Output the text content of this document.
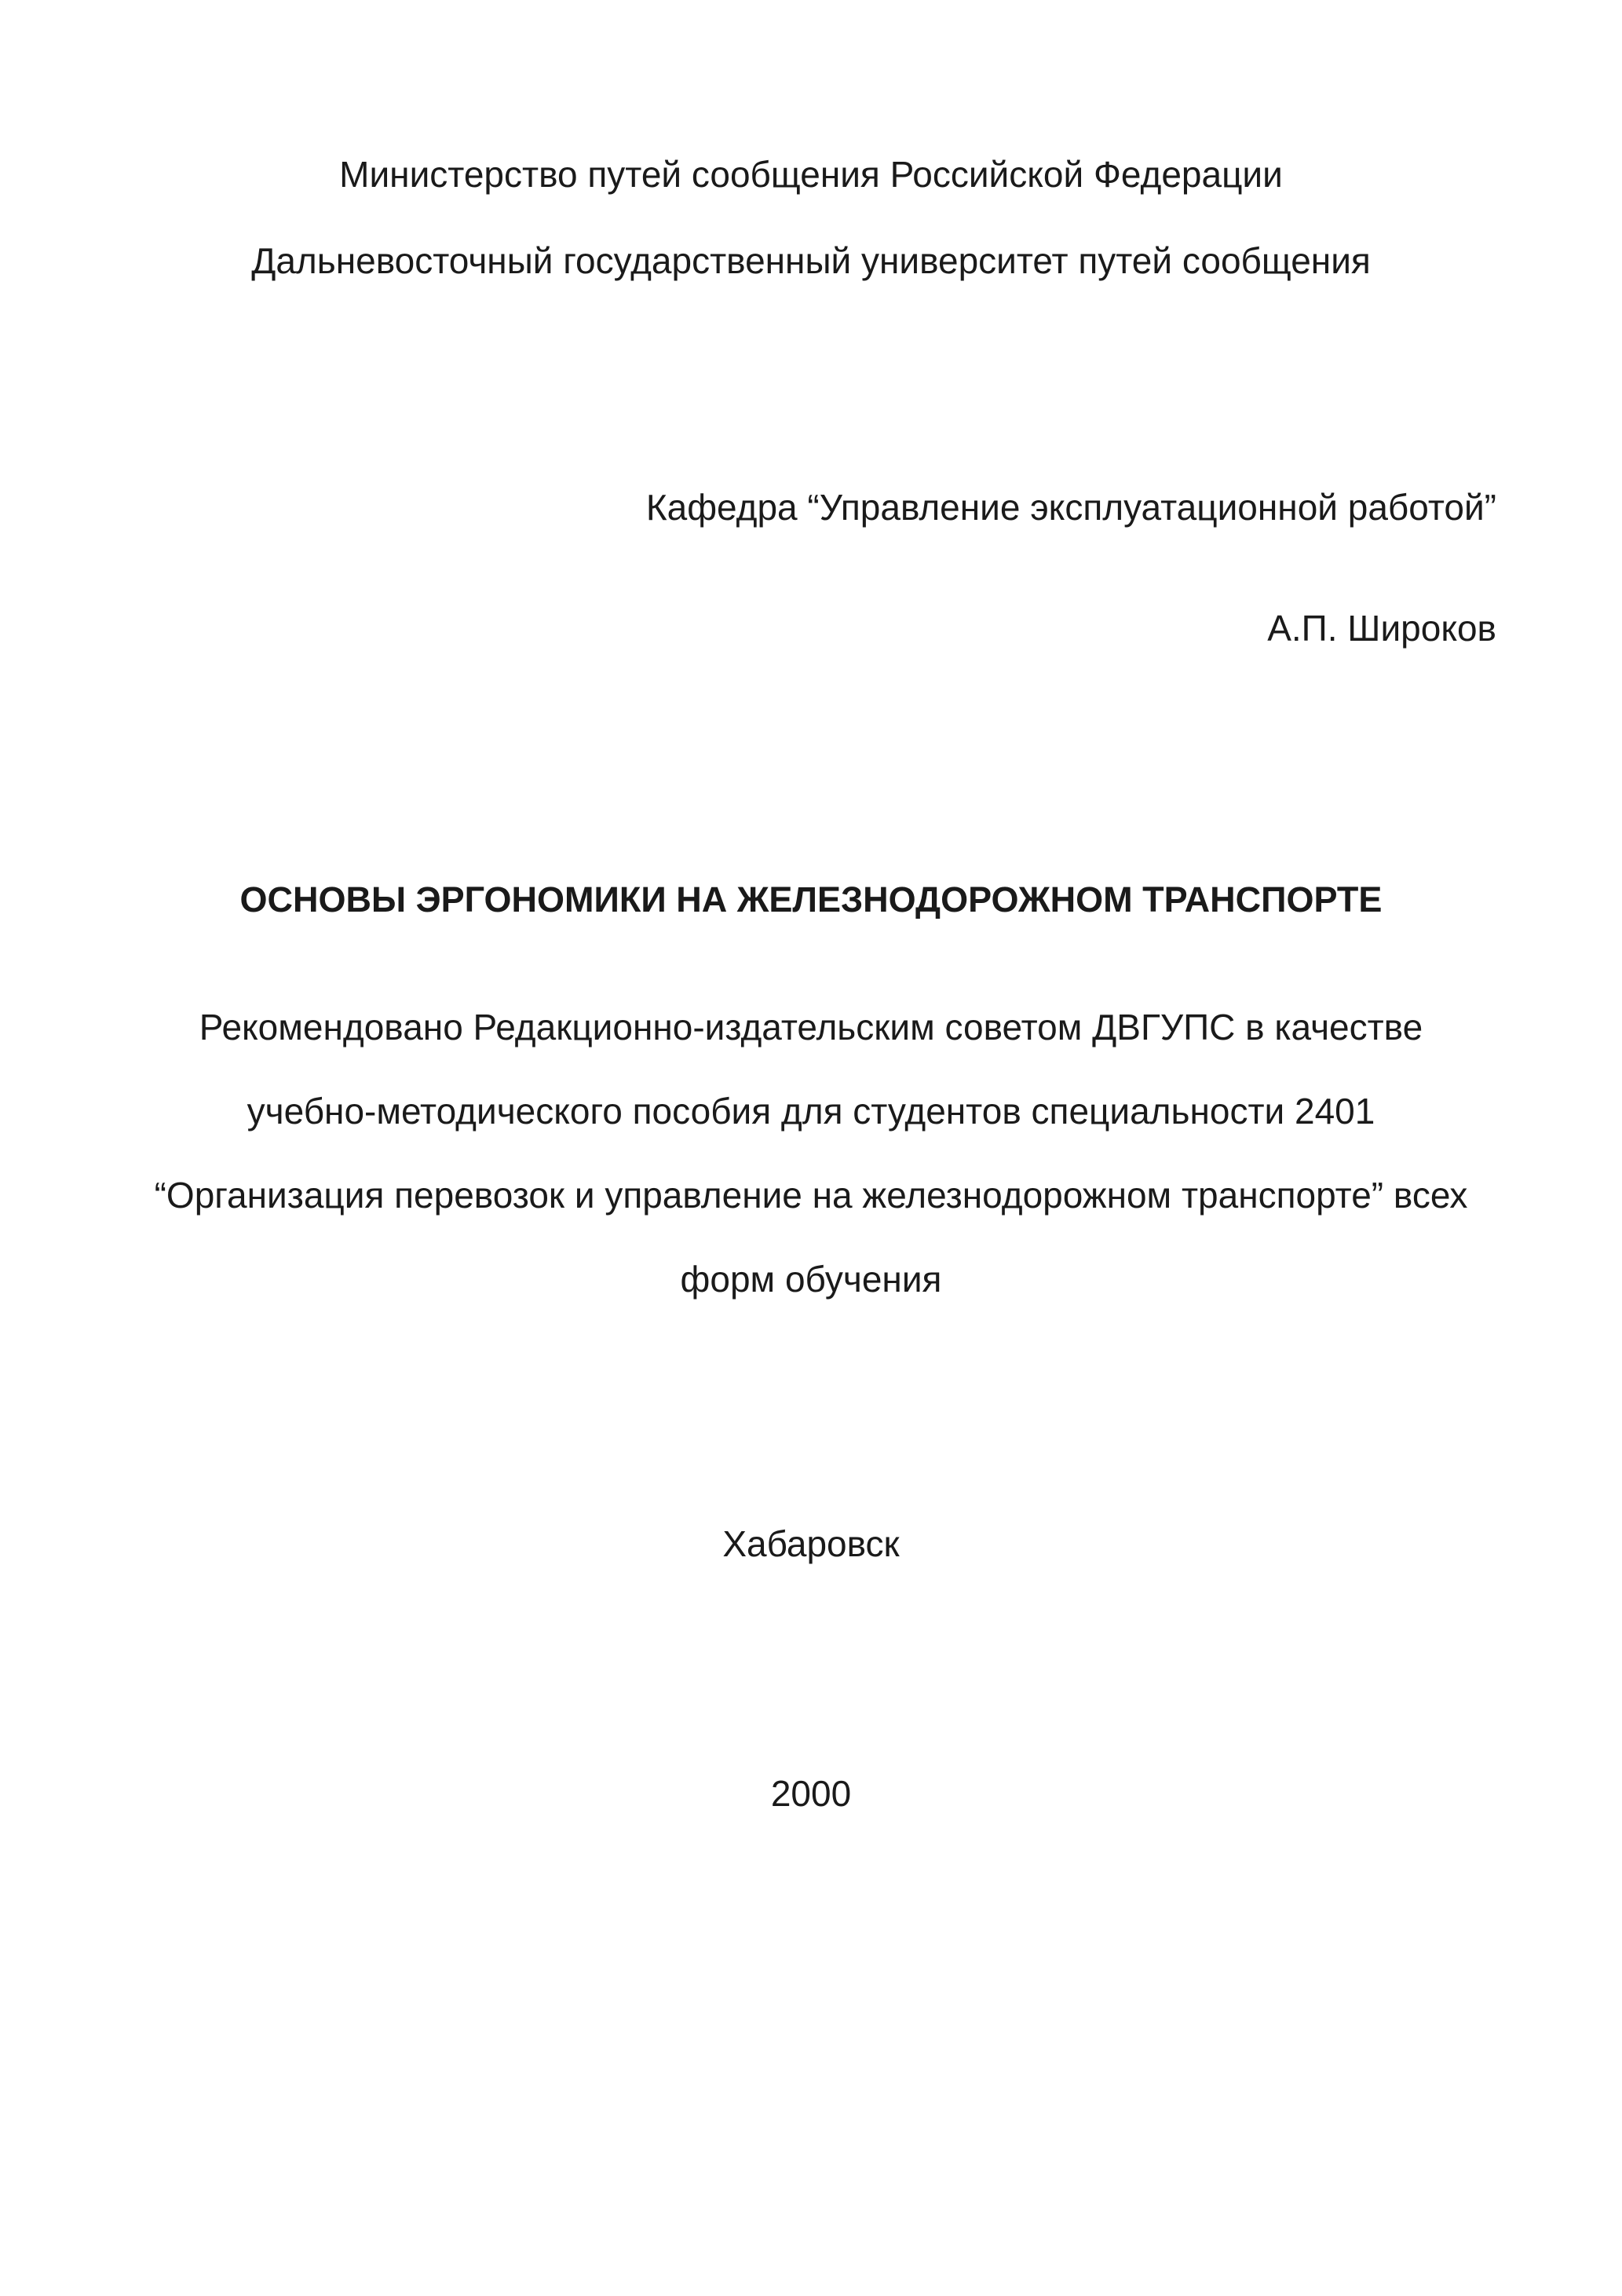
Министерство путей сообщения Российской Федерации
Дальневосточный государственный университет путей сообщения
Кафедра “Управление эксплуатационной работой”
А.П. Широков
ОСНОВЫ ЭРГОНОМИКИ НА ЖЕЛЕЗНОДОРОЖНОМ ТРАНСПОРТЕ
Рекомендовано Редакционно-издательским советом ДВГУПС в качестве
учебно-методического пособия для студентов специальности 2401
“Организация перевозок и управление на железнодорожном транспорте” всех
форм обучения
Хабаровск
2000
